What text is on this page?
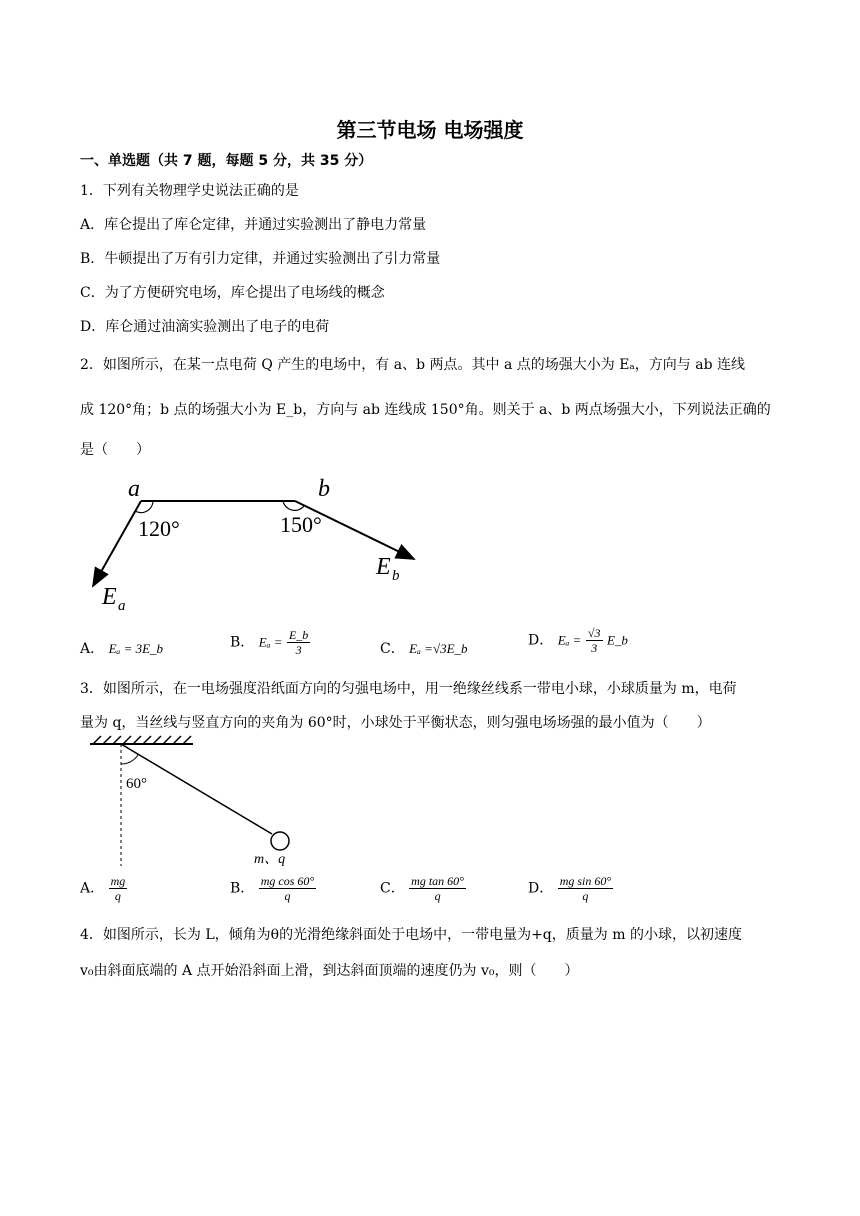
第三节电场 电场强度
一、单选题（共 7 题，每题 5 分，共 35 分）
1．下列有关物理学史说法正确的是
A．库仑提出了库仑定律，并通过实验测出了静电力常量
B．牛顿提出了万有引力定律，并通过实验测出了引力常量
C．为了方便研究电场，库仑提出了电场线的概念
D．库仑通过油滴实验测出了电子的电荷
2．如图所示，在某一点电荷 Q 产生的电场中，有 a、b 两点。其中 a 点的场强大小为 Eₐ，方向与 ab 连线
成 120°角；b 点的场强大小为 E_b，方向与 ab 连线成 150°角。则关于 a、b 两点场强大小，下列说法正确的
是（　　）
a	b
120°	150°
E a
E b
A． Eₐ = 3E_b	B． $E_a = \frac{E\_b}{3}$	C． Eₐ =√3E_b	D． $E_a = \frac{√3}{3}$ E_b
3．如图所示，在一电场强度沿纸面方向的匀强电场中，用一绝缘丝线系一带电小球，小球质量为 m，电荷
量为 q，当丝线与竖直方向的夹角为 60°时，小球处于平衡状态，则匀强电场场强的最小值为（　　）
60°
m、q
A． $\frac{mg}{q}$	B． $\frac{\text{mg cos 60°}}{q}$	C． $\frac{\text{mg tan 60°}}{q}$	D． $\frac{\text{mg sin 60°}}{q}$
4．如图所示，长为 L，倾角为θ的光滑绝缘斜面处于电场中，一带电量为+q，质量为 m 的小球，以初速度
v₀由斜面底端的 A 点开始沿斜面上滑，到达斜面顶端的速度仍为 v₀，则（　　）
